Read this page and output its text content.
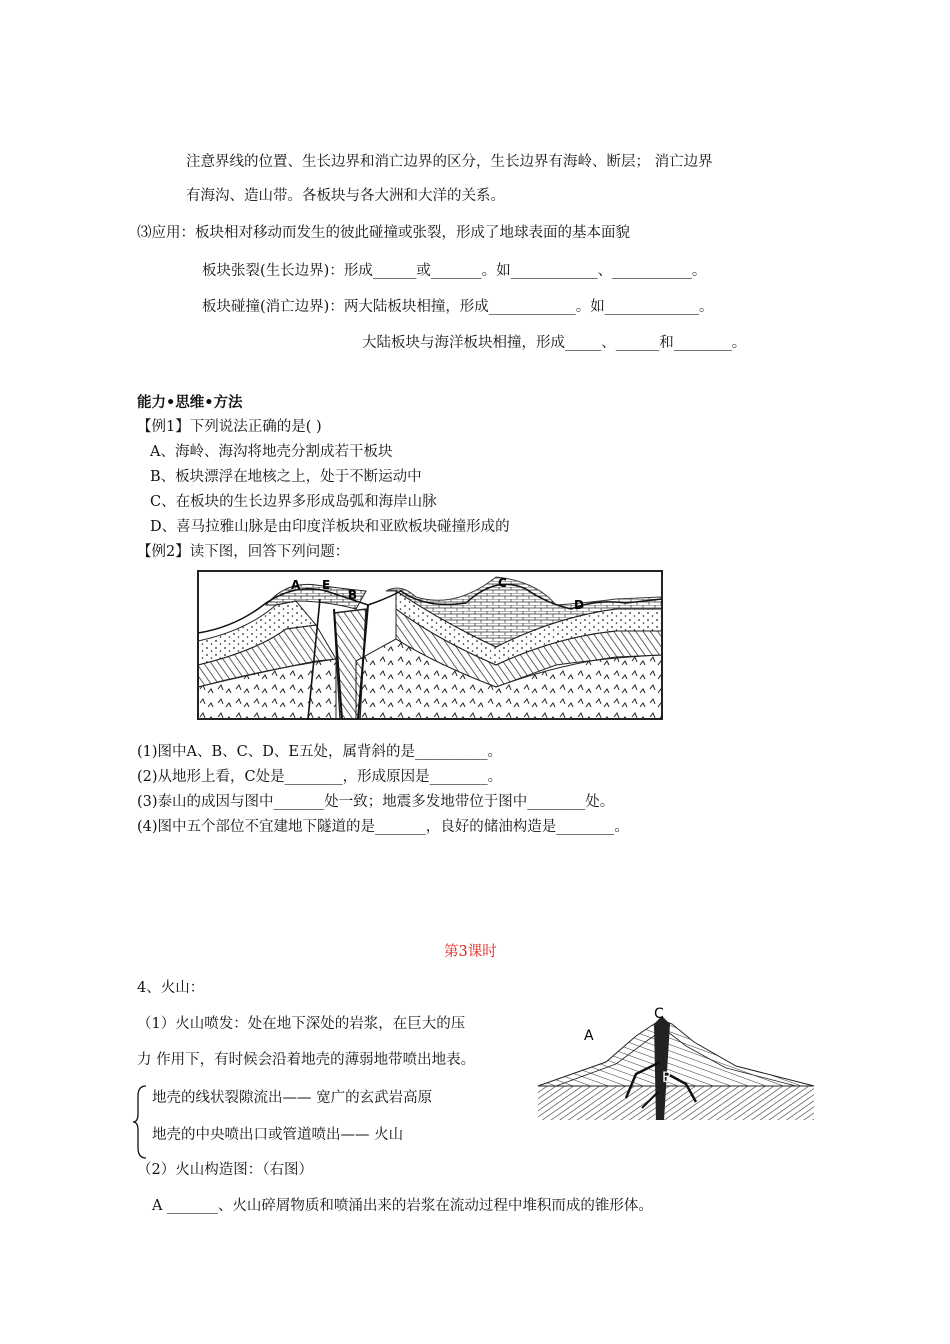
注意界线的位置、生长边界和消亡边界的区分，生长边界有海岭、断层； 消亡边界
有海沟、造山带。各板块与各大洲和大洋的关系。
⑶应用：板块相对移动而发生的彼此碰撞或张裂，形成了地球表面的基本面貌
板块张裂(生长边界)：形成______或_______。如____________、___________。
板块碰撞(消亡边界)：两大陆板块相撞，形成____________。如_____________。
大陆板块与海洋板块相撞，形成_____、______和________。
能力•思维•方法
【例1】下列说法正确的是( )
A、海岭、海沟将地壳分割成若干板块
B、板块漂浮在地核之上，处于不断运动中
C、在板块的生长边界多形成岛弧和海岸山脉
D、喜马拉雅山脉是由印度洋板块和亚欧板块碰撞形成的
【例2】读下图，回答下列问题：
A E
B
C
D
(1)图中A、B、C、D、E五处，属背斜的是__________。
(2)从地形上看，C处是________，形成原因是________。
(3)泰山的成因与图中_______处一致；地震多发地带位于图中________处。
(4)图中五个部位不宜建地下隧道的是_______，良好的储油构造是________。
第3课时
4、火山：
（1）火山喷发：处在地下深处的岩浆，在巨大的压
力 作用下，有时候会沿着地壳的薄弱地带喷出地表。
地壳的线状裂隙流出—— 宽广的玄武岩高原
地壳的中央喷出口或管道喷出—— 火山
（2）火山构造图：（右图）
A _______、火山碎屑物质和喷涌出来的岩浆在流动过程中堆积而成的锥形体。
A
C
B
